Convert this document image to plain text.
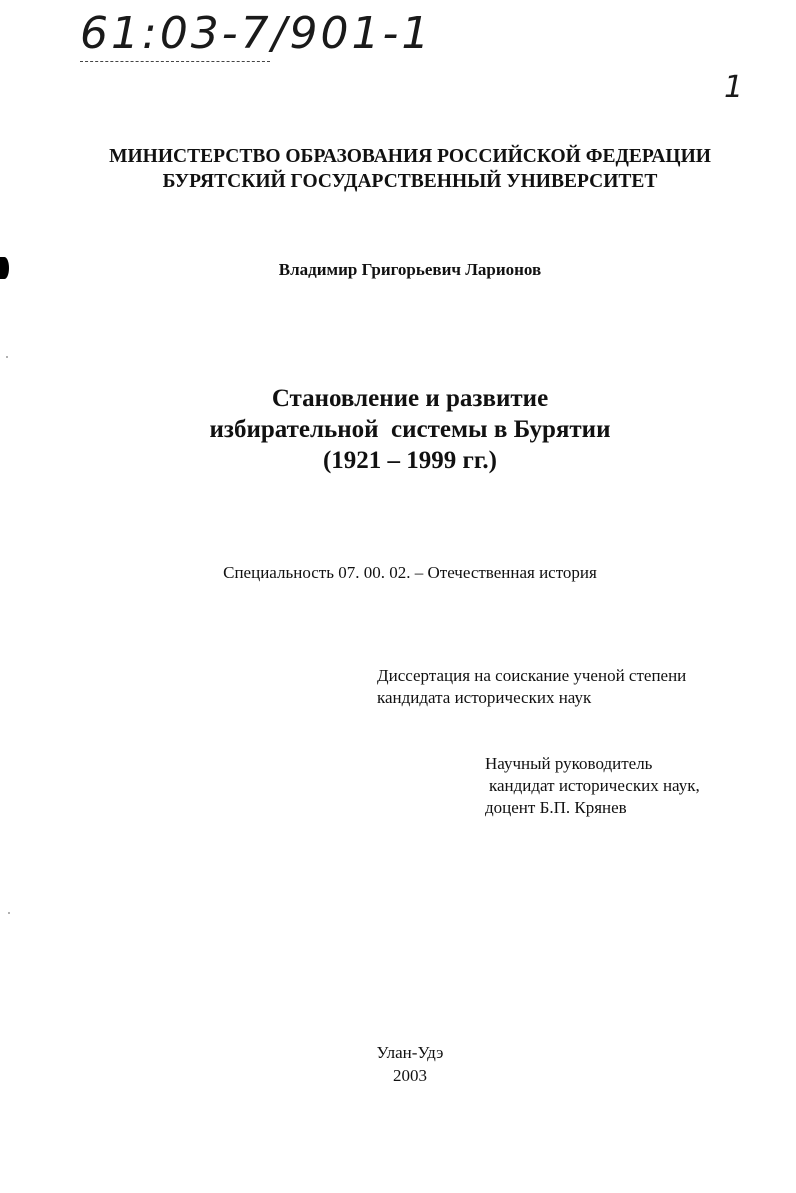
61:03-7/901-1
1
МИНИСТЕРСТВО ОБРАЗОВАНИЯ РОССИЙСКОЙ ФЕДЕРАЦИИ
БУРЯТСКИЙ ГОСУДАРСТВЕННЫЙ УНИВЕРСИТЕТ
Владимир Григорьевич Ларионов
Становление и развитие
избирательной  системы в Бурятии
(1921 – 1999 гг.)
Специальность 07. 00. 02. – Отечественная история
Диссертация на соискание ученой степени
кандидата исторических наук
Научный руководитель
кандидат исторических наук,
доцент Б.П. Крянев
Улан-Удэ
2003
